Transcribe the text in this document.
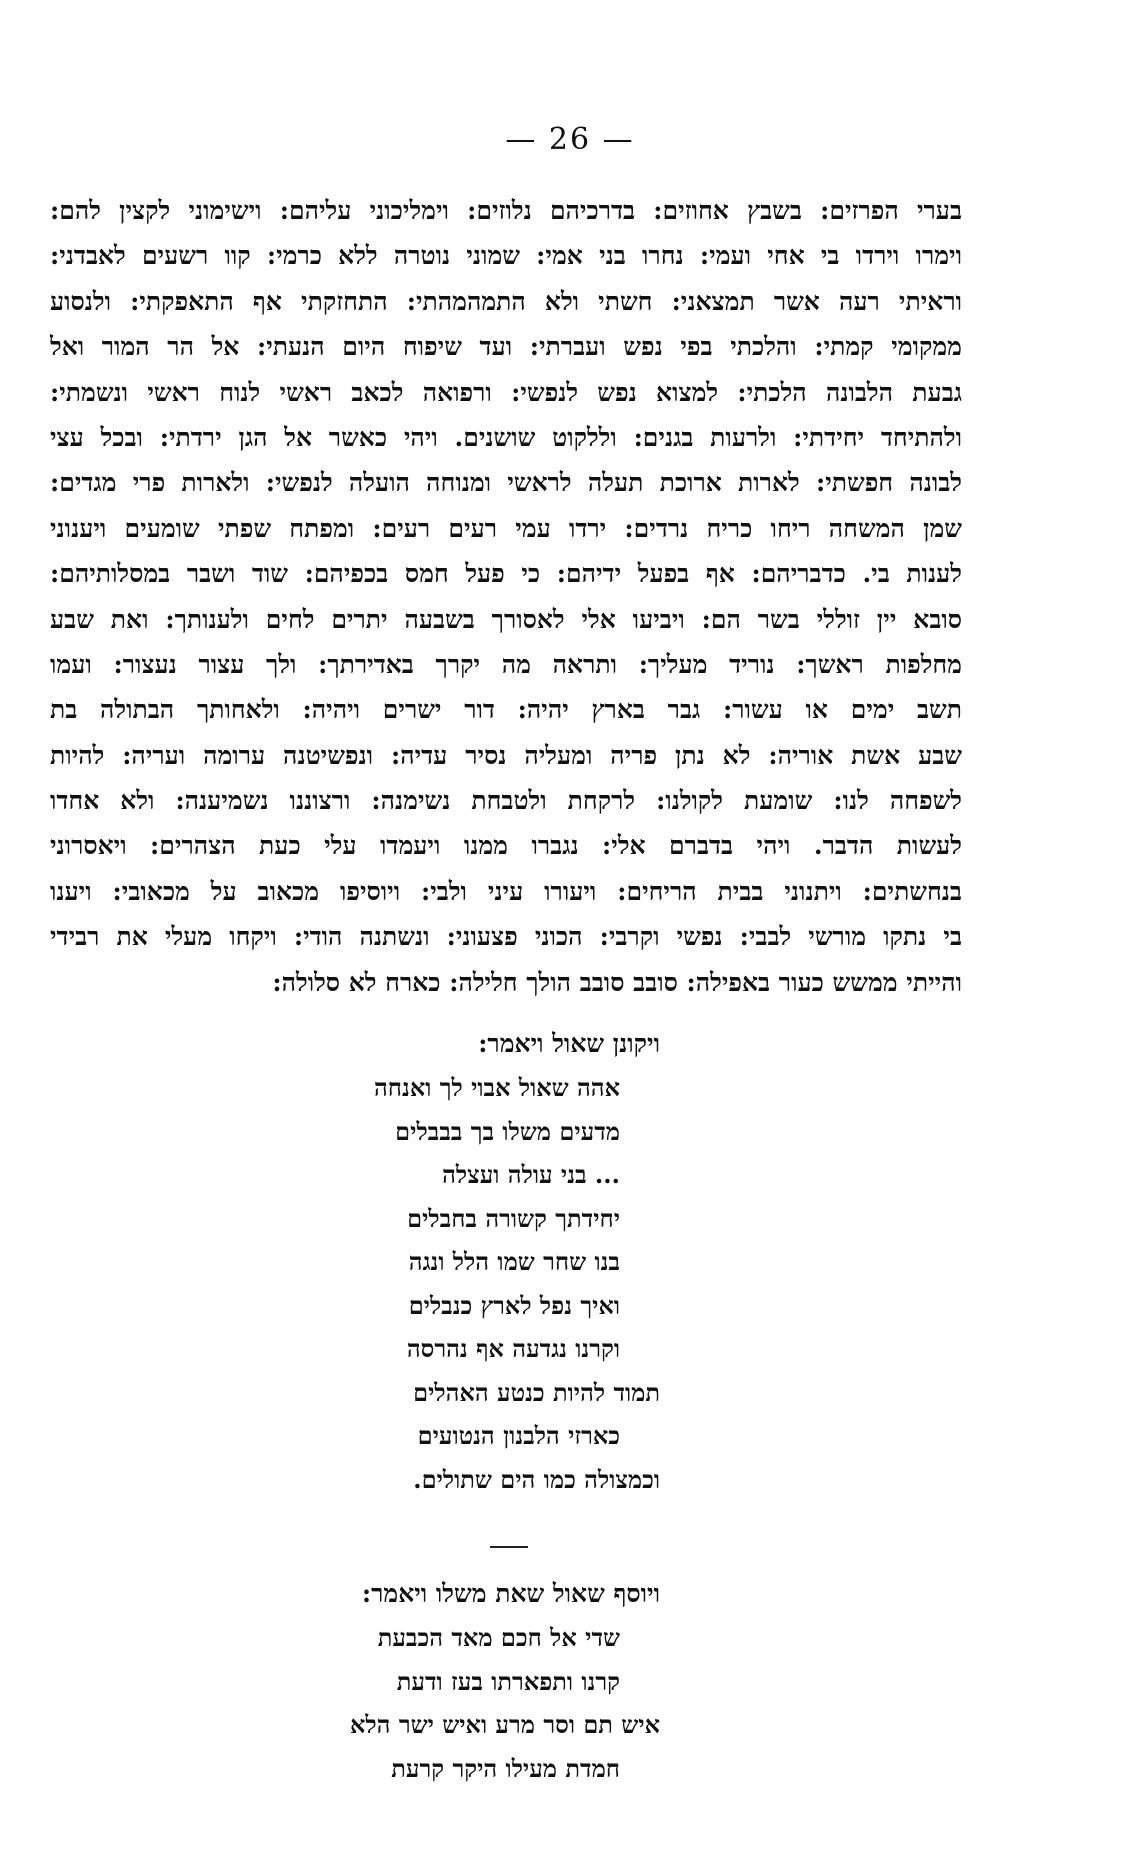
— 26 —
בערי הפרזים: בשבץ אחוזים: בדרכיהם נלוזים: וימליכוני עליהם: וישימוני לקצין להם:
וימרו וירדו בי אחי ועמי: נחרו בני אמי: שמוני נוטרה ללא כרמי: קוו רשעים לאבדני:
וראיתי רעה אשר תמצאני: חשתי ולא התמהמהתי: התחזקתי אף התאפקתי: ולנסוע
ממקומי קמתי: והלכתי בפי נפש ועברתי: ועד שיפוח היום הנעתי: אל הר המור ואל
גבעת הלבונה הלכתי: למצוא נפש לנפשי: ורפואה לכאב ראשי לנוח ראשי ונשמתי:
ולהתיחד יחידתי: ולרעות בגנים: וללקוט שושנים. ויהי כאשר אל הגן ירדתי: ובכל עצי
לבונה חפשתי: לארות ארוכת תעלה לראשי ומנוחה הועלה לנפשי: ולארות פרי מגדים:
שמן המשחה ריחו כריח נרדים: ירדו עמי רעים רעים: ומפתח שפתי שומעים ויענוני
לענות בי. כדבריהם: אף בפעל ידיהם: כי פעל חמס בכפיהם: שוד ושבר במסלותיהם:
סובא יין זוללי בשר הם: ויביעו אלי לאסורך בשבעה יתרים לחים ולענותך: ואת שבע
מחלפות ראשך: נוריד מעליך: ותראה מה יקרך באדירתך: ולך עצור נעצור: ועמו
תשב ימים או עשור: גבר בארץ יהיה: דור ישרים ויהיה: ולאחותך הבתולה בת
שבע אשת אוריה: לא נתן פריה ומעליה נסיר עדיה: ונפשיטנה ערומה ועריה: להיות
לשפחה לנו: שומעת לקולנו: לרקחת ולטבחת נשימנה: ורצוננו נשמיענה: ולא אחדו
לעשות הדבר. ויהי בדברם אלי: נגברו ממנו ויעמדו עלי כעת הצהרים: ויאסרוני
בנחשתים: ויתנוני בבית הריחים: ויעורו עיני ולבי: ויוסיפו מכאוב על מכאובי: ויענו
בי נתקו מורשי לבבי: נפשי וקרבי: הכוני פצעוני: ונשתנה הודי: ויקחו מעלי את רבידי
והייתי ממשש כעור באפילה: סובב סובב הולך חלילה: כארח לא סלולה:
ויקונן שאול ויאמר:
אהה שאול אבוי לך ואנחה
מדעים משלו בך בבבלים
... בני עולה ועצלה
יחידתך קשורה בחבלים
בנו שחר שמו הלל ונגה
ואיך נפל לארץ כנבלים
וקרנו נגדעה אף נהרסה
תמוד להיות כנטע האהלים
כארזי הלבנון הנטועים
וכמצולה כמו הים שתולים.
ויוסף שאול שאת משלו ויאמר:
שדי אל חכם מאד הכבעת
קרנו ותפארתו בעז ודעת
איש תם וסר מרע ואיש ישר הלא
חמדת מעילו היקר קרעת
